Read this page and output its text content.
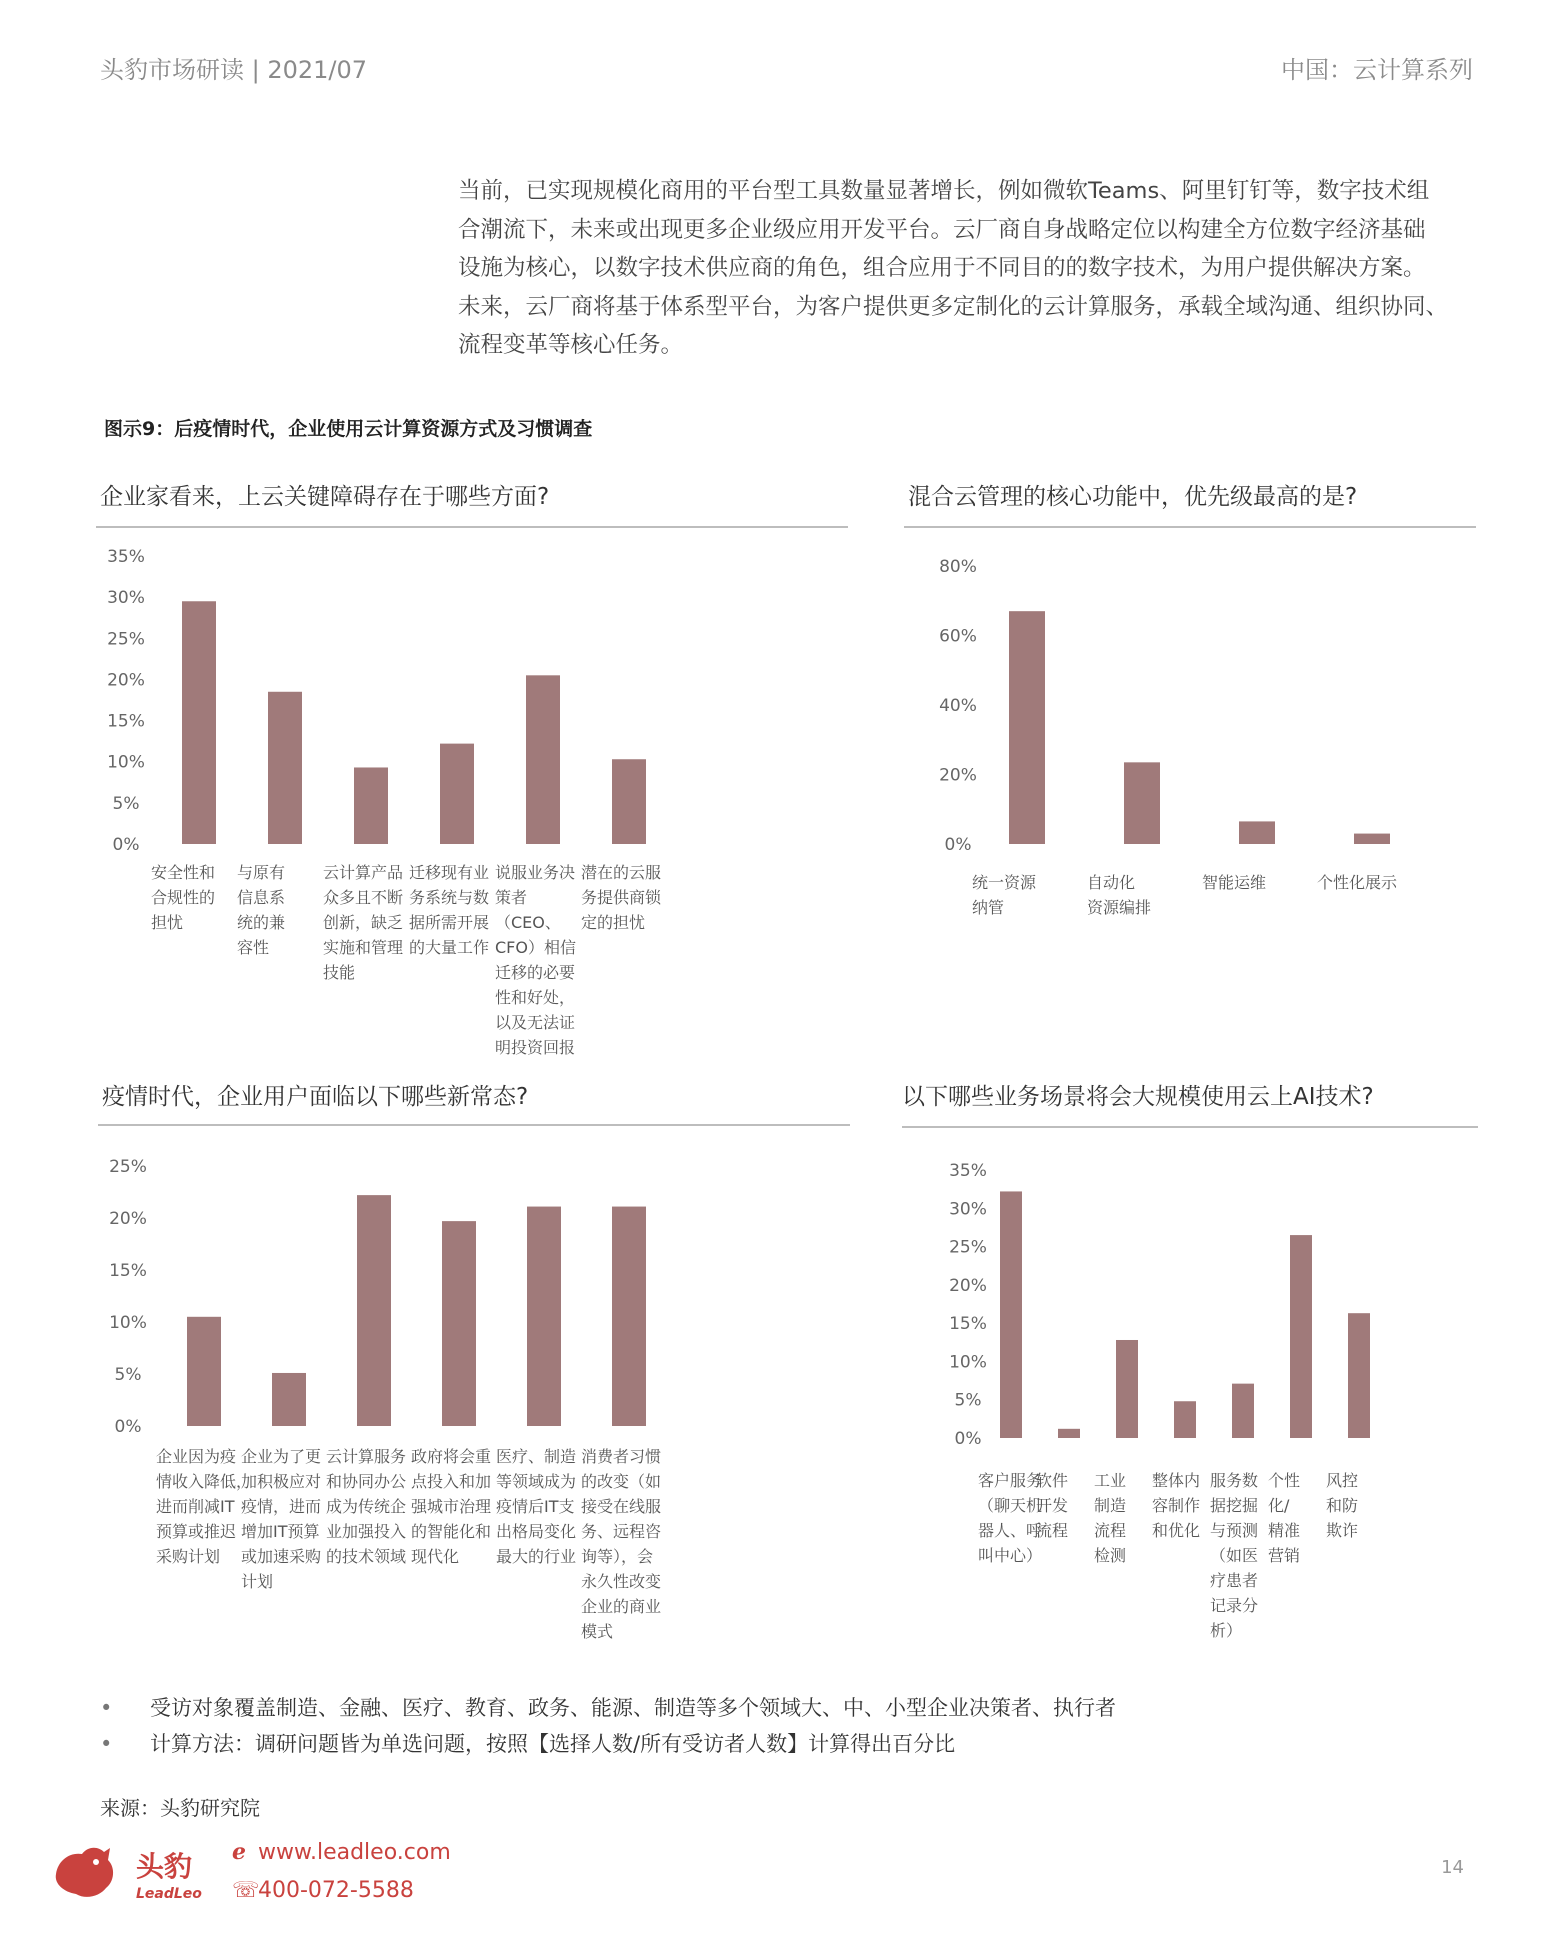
头豹市场研读 | 2021/07	中国：云计算系列

当前，已实现规模化商用的平台型工具数量显著增长，例如微软Teams、阿里钉钉等，数字技术组
合潮流下，未来或出现更多企业级应用开发平台。云厂商自身战略定位以构建全方位数字经济基础
设施为核心，以数字技术供应商的角色，组合应用于不同目的的数字技术，为用户提供解决方案。
未来，云厂商将基于体系型平台，为客户提供更多定制化的云计算服务，承载全域沟通、组织协同、
流程变革等核心任务。

图示9：后疫情时代，企业使用云计算资源方式及习惯调查
企业家看来，上云关键障碍存在于哪些方面?
0%
5%
10%
15%
20%
25%
30%
35%
安全性和
合规性的
担忧
与原有
信息系
统的兼
容性
云计算产品
众多且不断
创新，缺乏
实施和管理
技能
迁移现有业
务系统与数
据所需开展
的大量工作
说服业务决
策者（CEO、
CFO）相信
迁移的必要
性和好处，
以及无法证
明投资回报
潜在的云服
务提供商锁
定的担忧
混合云管理的核心功能中，优先级最高的是?
0%
20%
40%
60%
80%
统一资源
纳管
自动化
资源编排
智能运维	个性化展示
疫情时代，企业用户面临以下哪些新常态?
0%
5%
10%
15%
20%
25%
企业因为疫
情收入降低，
进而削减IT
预算或推迟
采购计划
企业为了更
加积极应对
疫情，进而
增加IT预算
或加速采购
计划
云计算服务
和协同办公
成为传统企
业加强投入
的技术领域
政府将会重
点投入和加
强城市治理
的智能化和
现代化
医疗、制造
等领域成为
疫情后IT支
出格局变化
最大的行业
消费者习惯
的改变（如
接受在线服
务、远程咨
询等），会
永久性改变
企业的商业
模式
以下哪些业务场景将会大规模使用云上AI技术?
0%
5%
10%
15%
20%
25%
30%
35%
客户服务
（聊天机
器人、呼
叫中心）
软件
开发
流程
工业
制造
流程
检测
整体内
容制作
和优化
服务数
据挖掘
与预测
（如医
疗患者
记录分
析）
个性
化/
精准
营销
风控
和防
欺诈
• 受访对象覆盖制造、金融、医疗、教育、政务、能源、制造等多个领域大、中、小型企业决策者、执行者
• 计算方法：调研问题皆为单选问题，按照【选择人数/所有受访者人数】计算得出百分比
来源：头豹研究院
头豹
LeadLeo
ℯ www.leadleo.com
☏400-072-5588
14
